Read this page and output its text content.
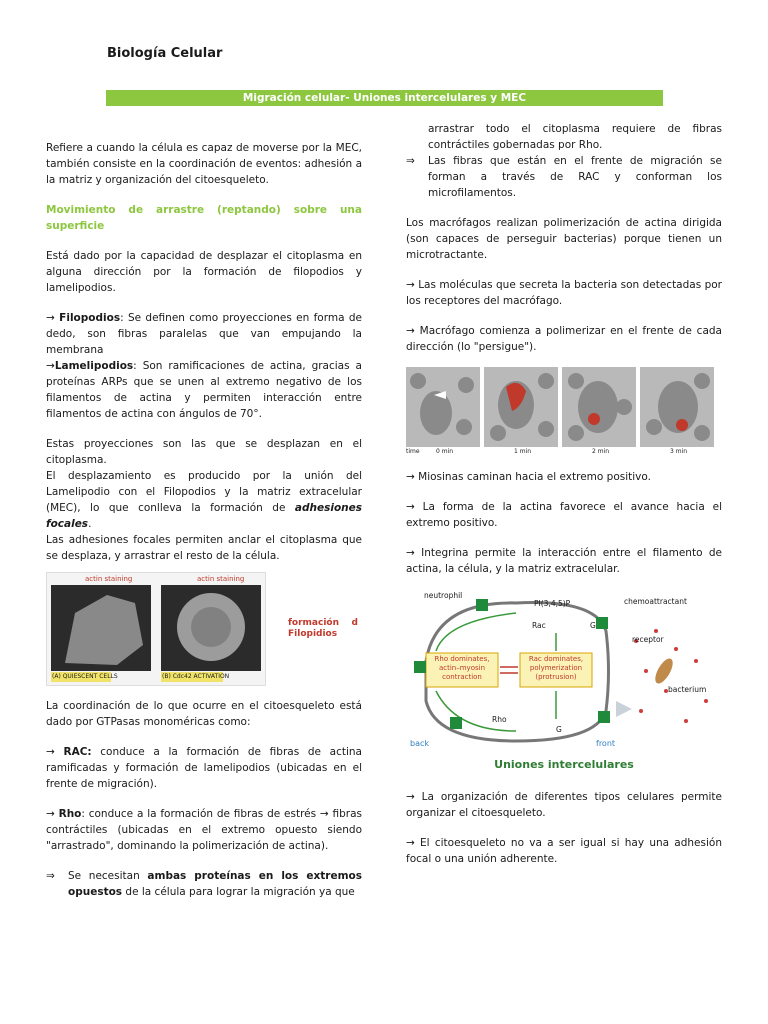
Biología Celular
Migración celular- Uniones intercelulares y MEC

Refiere a cuando la célula es capaz de moverse por la MEC, también consiste en la coordinación de eventos: adhesión a la matriz y organización del citoesqueleto.

Movimiento de arrastre (reptando) sobre una superficie

Está dado por la capacidad de desplazar el citoplasma en alguna dirección por la formación de filopodios y lamelipodios.

→ Filopodios: Se definen como proyecciones en forma de dedo, son fibras paralelas que van empujando la membrana

→Lamelipodios: Son ramificaciones de actina, gracias a proteínas ARPs que se unen al extremo negativo de los filamentos de actina y permiten interacción entre filamentos de actina con ángulos de 70°.

Estas proyecciones son las que se desplazan en el citoplasma.

El desplazamiento es producido por la unión del Lamelipodio con el Filopodios y la matriz extracelular (MEC), lo que conlleva la formación de adhesiones focales.

Las adhesiones focales permiten anclar el citoplasma que se desplaza, y arrastrar el resto de la célula.

actin staining	actin staining
(A) QUIESCENT CELLS	(B) Cdc42 ACTIVATION
formación d Filopidios

La coordinación de lo que ocurre en el citoesqueleto está dado por GTPasas monoméricas como:

→ RAC: conduce a la formación de fibras de actina ramificadas y formación de lamelipodios (ubicadas en el frente de migración).

→ Rho: conduce a la formación de fibras de estrés → fibras contráctiles (ubicadas en el extremo opuesto siendo "arrastrado", dominando la polimerización de actina).

⇒ Se necesitan ambas proteínas en los extremos opuestos de la célula para lograr la migración ya que

arrastrar todo el citoplasma requiere de fibras contráctiles gobernadas por Rho.

⇒ Las fibras que están en el frente de migración se forman a través de RAC y conforman los microfilamentos.

Los macrófagos realizan polimerización de actina dirigida (son capaces de perseguir bacterias) porque tienen un microtractante.

→ Las moléculas que secreta la bacteria son detectadas por los receptores del macrófago.

→ Macrófago comienza a polimerizar en el frente de cada dirección (lo "persigue").

time	0 min	1 min	2 min	3 min

→ Miosinas caminan hacia el extremo positivo.

→ La forma de la actina favorece el avance hacia el extremo positivo.

→ Integrina permite la interacción entre el filamento de actina, la célula, y la matriz extracelular.

neutrophil
PI(3,4,5)P
Rac	G
chemoattractant
receptor
bacterium
Rho dominates, actin–myosin contraction
Rac dominates, polymerization (protrusion)
Rho
G
back	front

Uniones intercelulares

→ La organización de diferentes tipos celulares permite organizar el citoesqueleto.

→ El citoesqueleto no va a ser igual si hay una adhesión focal o una unión adherente.
